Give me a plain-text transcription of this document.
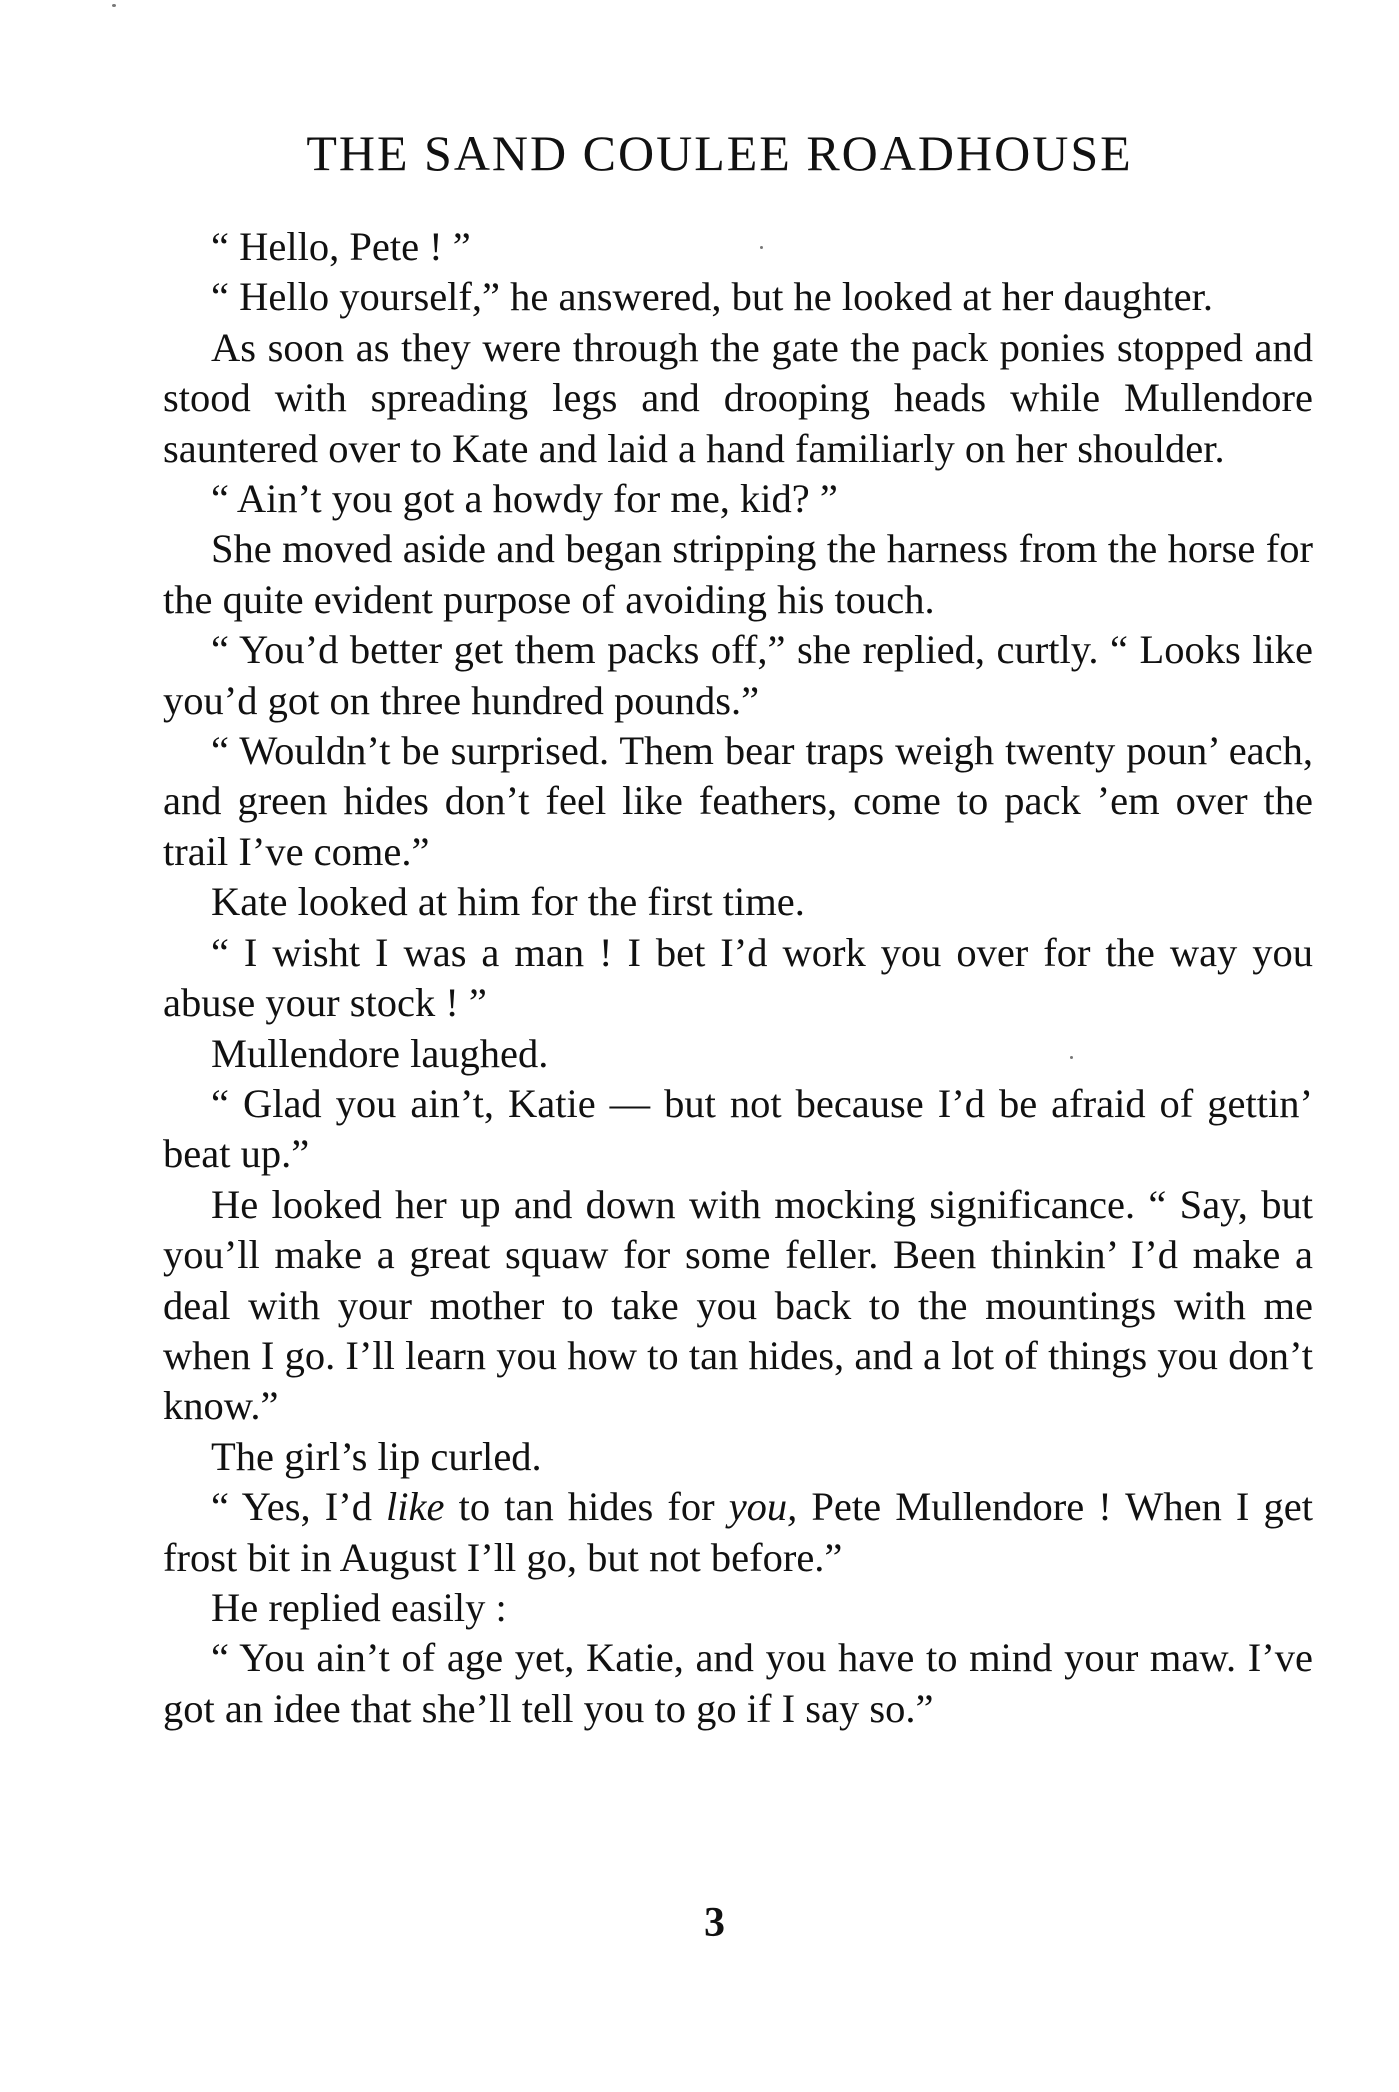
THE SAND COULEE ROADHOUSE

“ Hello, Pete ! ”

“ Hello yourself,” he answered, but he looked at her daughter.

As soon as they were through the gate the pack ponies stopped and stood with spreading legs and drooping heads while Mullendore sauntered over to Kate and laid a hand familiarly on her shoulder.

“ Ain’t you got a howdy for me, kid? ”

She moved aside and began stripping the harness from the horse for the quite evident purpose of avoiding his touch.

“ You’d better get them packs off,” she replied, curtly. “ Looks like you’d got on three hundred pounds.”

“ Wouldn’t be surprised. Them bear traps weigh twenty poun’ each, and green hides don’t feel like feathers, come to pack ’em over the trail I’ve come.”

Kate looked at him for the first time.

“ I wisht I was a man ! I bet I’d work you over for the way you abuse your stock ! ”

Mullendore laughed.

“ Glad you ain’t, Katie — but not because I’d be afraid of gettin’ beat up.”

He looked her up and down with mocking significance. “ Say, but you’ll make a great squaw for some feller. Been thinkin’ I’d make a deal with your mother to take you back to the mountings with me when I go. I’ll learn you how to tan hides, and a lot of things you don’t know.”

The girl’s lip curled.

“ Yes, I’d like to tan hides for you, Pete Mullendore ! When I get frost bit in August I’ll go, but not before.”

He replied easily :

“ You ain’t of age yet, Katie, and you have to mind your maw. I’ve got an idee that she’ll tell you to go if I say so.”

3
